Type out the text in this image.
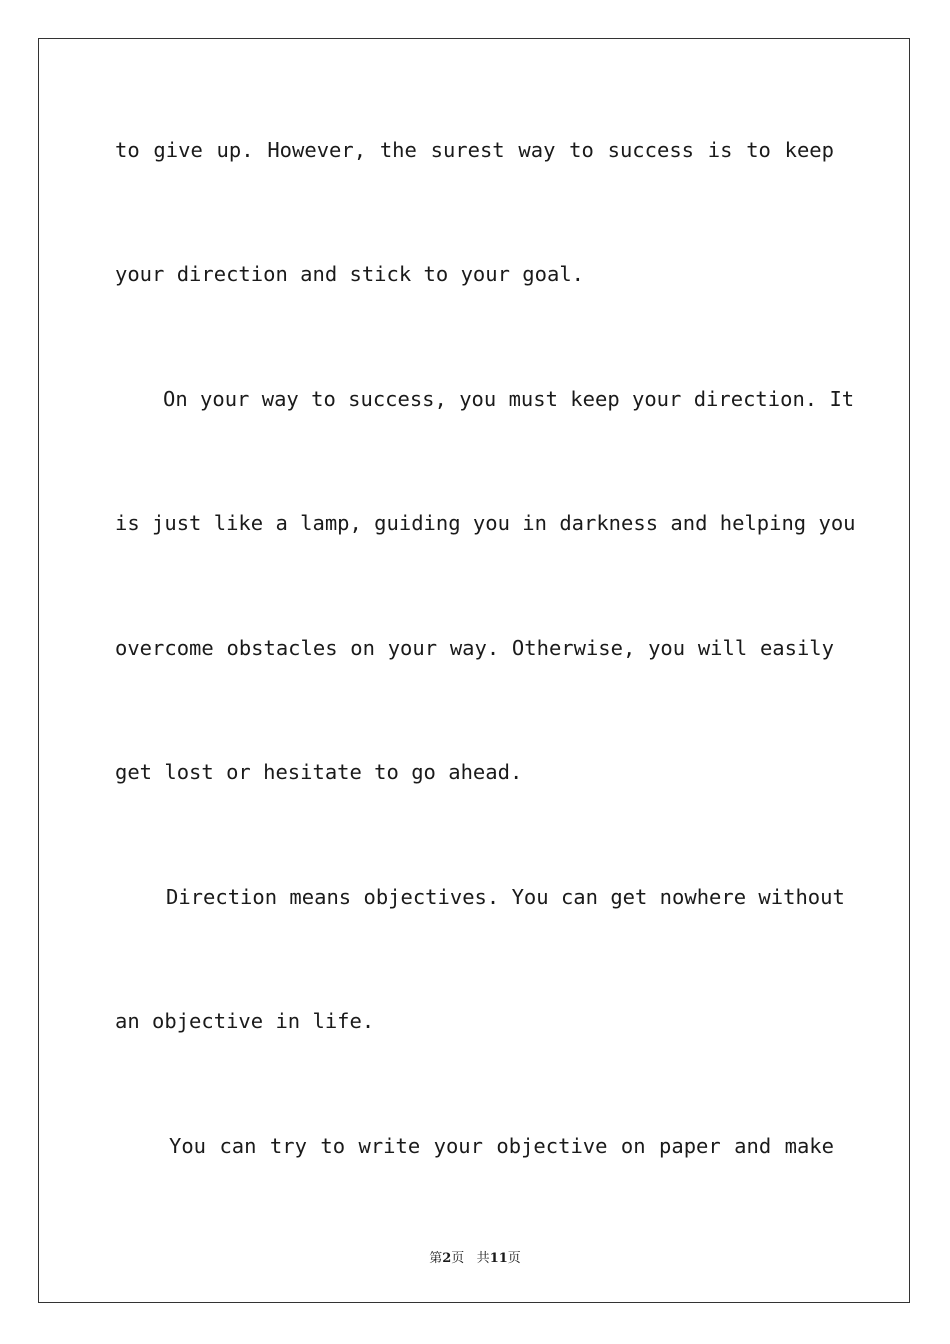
to give up. However, the surest way to success is to keep
your direction and stick to your goal.
On your way to success, you must keep your direction. It
is just like a lamp, guiding you in darkness and helping you
overcome obstacles on your way. Otherwise, you will easily
get lost or hesitate to go ahead.
Direction means objectives. You can get nowhere without
an objective in life.
You can try to write your objective on paper and make
第2页 共11页
